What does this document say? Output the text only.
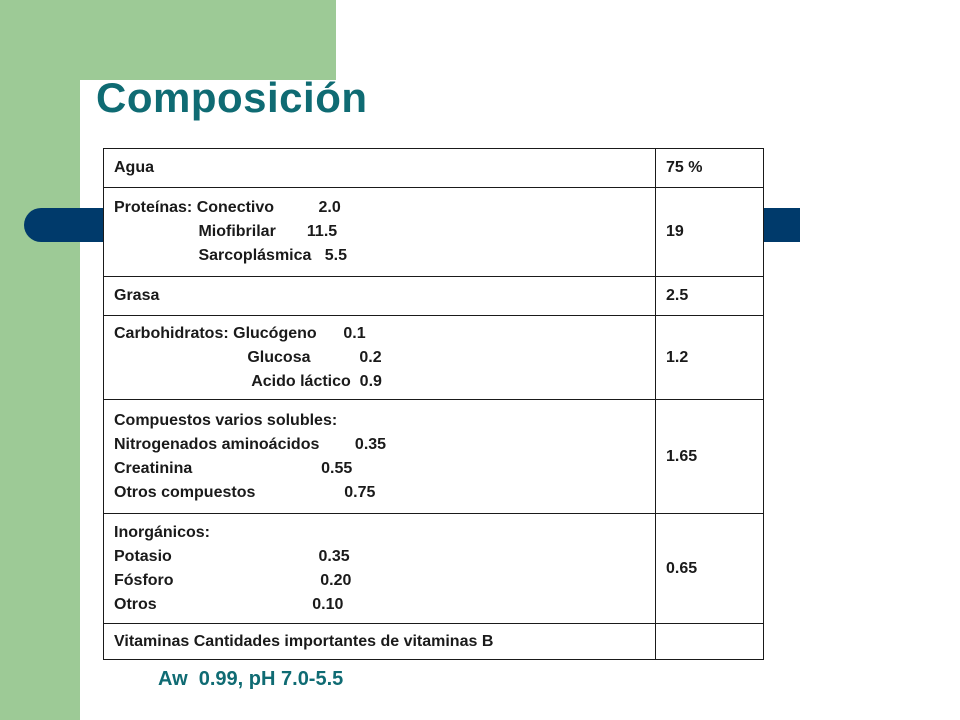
Composición
Agua	75 %

Proteínas: Conectivo          2.0
Miofibrilar       11.5
Sarcoplásmica   5.5	19

Grasa	2.5

Carbohidratos: Glucógeno      0.1
Glucosa           0.2
Acido láctico  0.9	1.2

Compuestos varios solubles:
Nitrogenados aminoácidos        0.35
Creatinina                             0.55
Otros compuestos                    0.75	1.65

Inorgánicos:
Potasio                                 0.35
Fósforo                                 0.20
Otros                                   0.10	0.65

Vitaminas Cantidades importantes de vitaminas B	

Aw  0.99, pH 7.0-5.5
